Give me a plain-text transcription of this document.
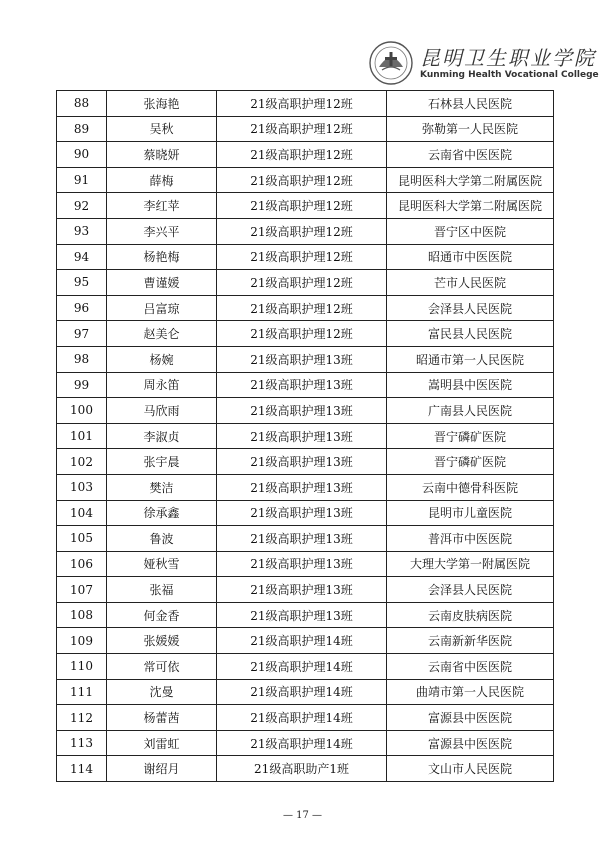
昆明卫生职业学院
Kunming Health Vocational College
88	张海艳	21级高职护理12班	石林县人民医院
89	吴秋	21级高职护理12班	弥勒第一人民医院
90	蔡晓妍	21级高职护理12班	云南省中医医院
91	薛梅	21级高职护理12班	昆明医科大学第二附属医院
92	李红苹	21级高职护理12班	昆明医科大学第二附属医院
93	李兴平	21级高职护理12班	晋宁区中医院
94	杨艳梅	21级高职护理12班	昭通市中医医院
95	曹谨媛	21级高职护理12班	芒市人民医院
96	吕富琼	21级高职护理12班	会泽县人民医院
97	赵美仑	21级高职护理12班	富民县人民医院
98	杨婉	21级高职护理13班	昭通市第一人民医院
99	周永笛	21级高职护理13班	嵩明县中医医院
100	马欣雨	21级高职护理13班	广南县人民医院
101	李淑贞	21级高职护理13班	晋宁磷矿医院
102	张宇晨	21级高职护理13班	晋宁磷矿医院
103	樊洁	21级高职护理13班	云南中德骨科医院
104	徐承鑫	21级高职护理13班	昆明市儿童医院
105	鲁波	21级高职护理13班	普洱市中医医院
106	娅秋雪	21级高职护理13班	大理大学第一附属医院
107	张福	21级高职护理13班	会泽县人民医院
108	何金香	21级高职护理13班	云南皮肤病医院
109	张媛媛	21级高职护理14班	云南新新华医院
110	常可依	21级高职护理14班	云南省中医医院
111	沈曼	21级高职护理14班	曲靖市第一人民医院
112	杨蕾茜	21级高职护理14班	富源县中医医院
113	刘雷虹	21级高职护理14班	富源县中医医院
114	谢绍月	21级高职助产1班	文山市人民医院
— 17 —
